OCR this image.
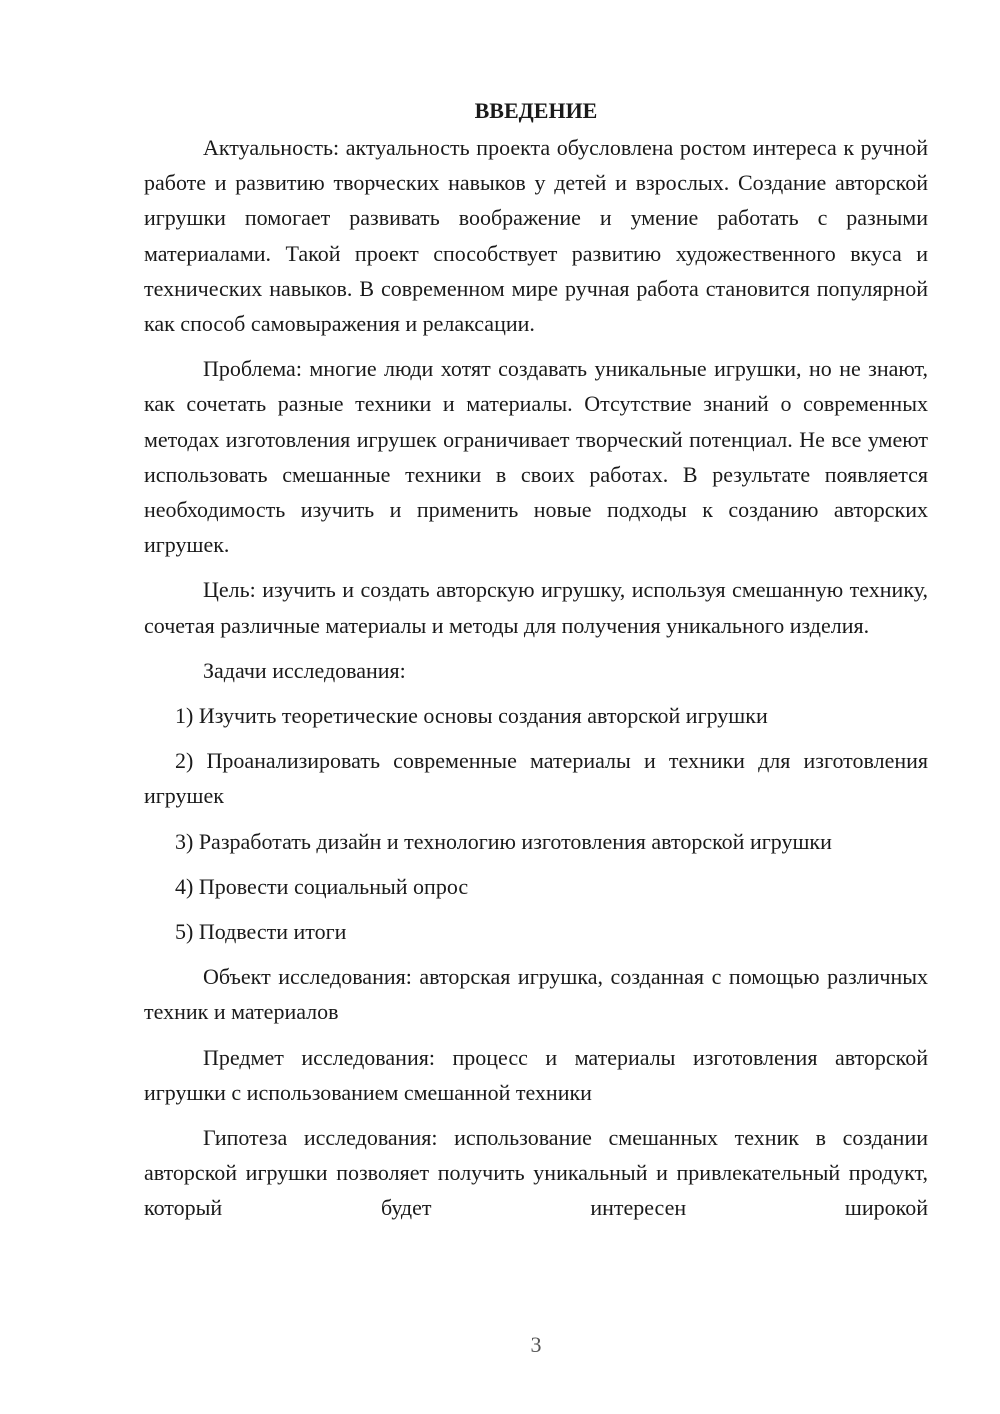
ВВЕДЕНИЕ

Актуальность: актуальность проекта обусловлена ростом интереса к ручной работе и развитию творческих навыков у детей и взрослых. Создание авторской игрушки помогает развивать воображение и умение работать с разными материалами. Такой проект способствует развитию художественного вкуса и технических навыков. В современном мире ручная работа становится популярной как способ самовыражения и релаксации.

Проблема: многие люди хотят создавать уникальные игрушки, но не знают, как сочетать разные техники и материалы. Отсутствие знаний о современных методах изготовления игрушек ограничивает творческий потенциал. Не все умеют использовать смешанные техники в своих работах. В результате появляется необходимость изучить и применить новые подходы к созданию авторских игрушек.

Цель: изучить и создать авторскую игрушку, используя смешанную технику, сочетая различные материалы и методы для получения уникального изделия.

Задачи исследования:

1) Изучить теоретические основы создания авторской игрушки

2) Проанализировать современные материалы и техники для изготовления игрушек

3) Разработать дизайн и технологию изготовления авторской игрушки

4) Провести социальный опрос

5) Подвести итоги

Объект исследования: авторская игрушка, созданная с помощью различных техник и материалов

Предмет исследования: процесс и материалы изготовления авторской игрушки с использованием смешанной техники

Гипотеза исследования: использование смешанных техник в создании авторской игрушки позволяет получить уникальный и привлекательный продукт, который будет интересен широкой

3
